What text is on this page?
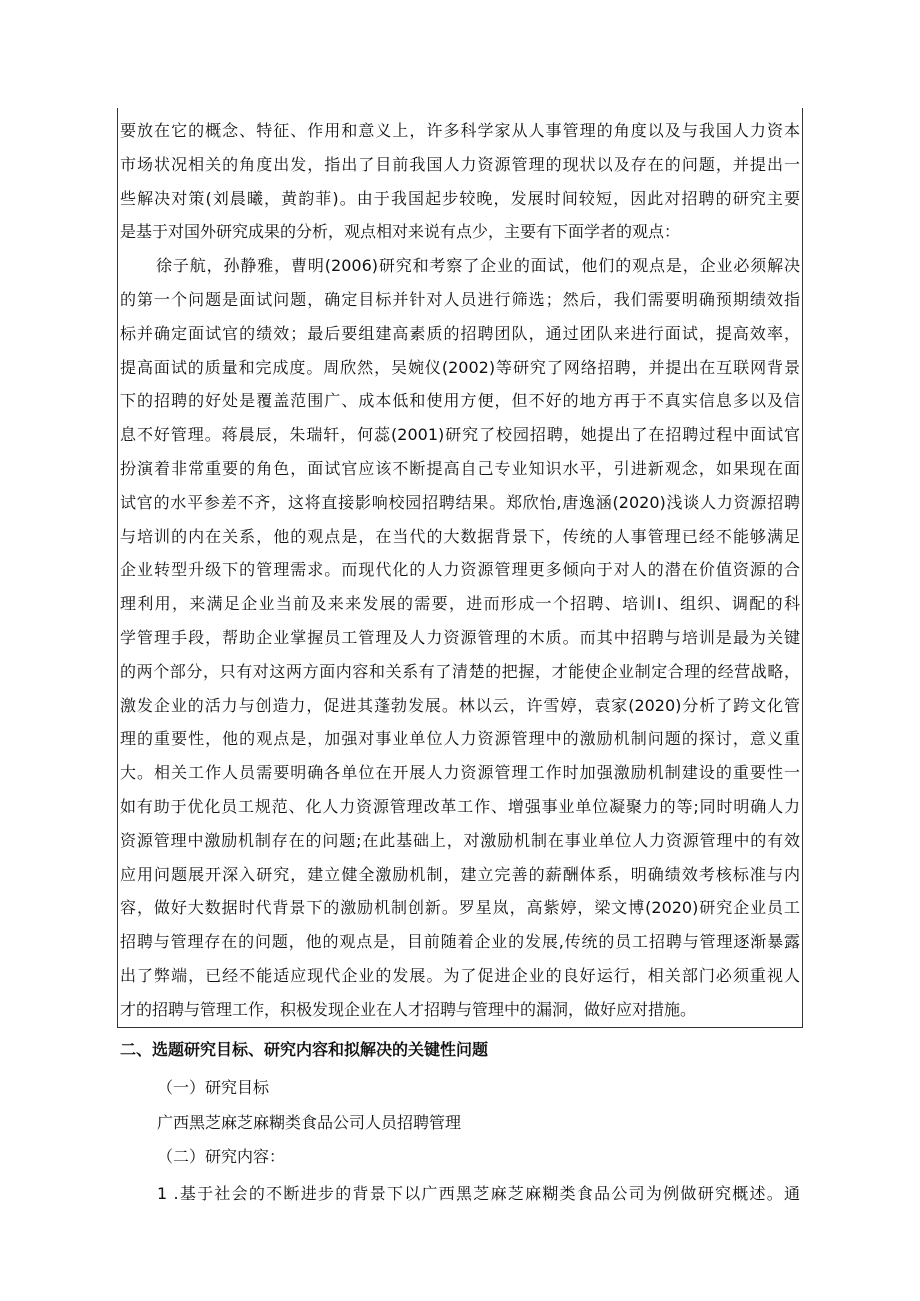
要放在它的概念、特征、作用和意义上，许多科学家从人事管理的角度以及与我国人力资本
市场状况相关的角度出发，指出了目前我国人力资源管理的现状以及存在的问题，并提出一
些解决对策(刘晨曦，黄韵菲)。由于我国起步较晚，发展时间较短，因此对招聘的研究主要
是基于对国外研究成果的分析，观点相对来说有点少，主要有下面学者的观点：
徐子航，孙静雅，曹明(2006)研究和考察了企业的面试，他们的观点是，企业必须解决
的第一个问题是面试问题，确定目标并针对人员进行筛选；然后，我们需要明确预期绩效指
标并确定面试官的绩效；最后要组建高素质的招聘团队，通过团队来进行面试，提高效率，
提高面试的质量和完成度。周欣然，吴婉仪(2002)等研究了网络招聘，并提出在互联网背景
下的招聘的好处是覆盖范围广、成本低和使用方便，但不好的地方再于不真实信息多以及信
息不好管理。蒋晨辰，朱瑞轩，何蕊(2001)研究了校园招聘，她提出了在招聘过程中面试官
扮演着非常重要的角色，面试官应该不断提高自己专业知识水平，引进新观念，如果现在面
试官的水平参差不齐，这将直接影响校园招聘结果。郑欣怡,唐逸涵(2020)浅谈人力资源招聘
与培训的内在关系，他的观点是，在当代的大数据背景下，传统的人事管理已经不能够满足
企业转型升级下的管理需求。而现代化的人力资源管理更多倾向于对人的潜在价值资源的合
理利用，来满足企业当前及来来发展的需要，进而形成一个招聘、培训I、组织、调配的科
学管理手段，帮助企业掌握员工管理及人力资源管理的木质。而其中招聘与培训是最为关键
的两个部分，只有对这两方面内容和关系有了清楚的把握，才能使企业制定合理的经营战略，
激发企业的活力与创造力，促进其蓬勃发展。林以云，许雪婷，袁家(2020)分析了跨文化管
理的重要性，他的观点是，加强对事业单位人力资源管理中的激励机制问题的探讨，意义重
大。相关工作人员需要明确各单位在开展人力资源管理工作时加强激励机制建设的重要性一
如有助于优化员工规范、化人力资源管理改革工作、增强事业单位凝聚力的等;同时明确人力
资源管理中激励机制存在的问题;在此基础上，对激励机制在事业单位人力资源管理中的有效
应用问题展开深入研究，建立健全激励机制，建立完善的薪酬体系，明确绩效考核标准与内
容，做好大数据时代背景下的激励机制创新。罗星岚，高紫婷，梁文博(2020)研究企业员工
招聘与管理存在的问题，他的观点是，目前随着企业的发展,传统的员工招聘与管理逐渐暴露
出了弊端，已经不能适应现代企业的发展。为了促进企业的良好运行，相关部门必须重视人
才的招聘与管理工作，积极发现企业在人才招聘与管理中的漏洞，做好应对措施。
二、选题研究目标、研究内容和拟解决的关键性问题
（一）研究目标
广西黑芝麻芝麻糊类食品公司人员招聘管理
（二）研究内容：
1 .基于社会的不断进步的背景下以广西黑芝麻芝麻糊类食品公司为例做研究概述。通
